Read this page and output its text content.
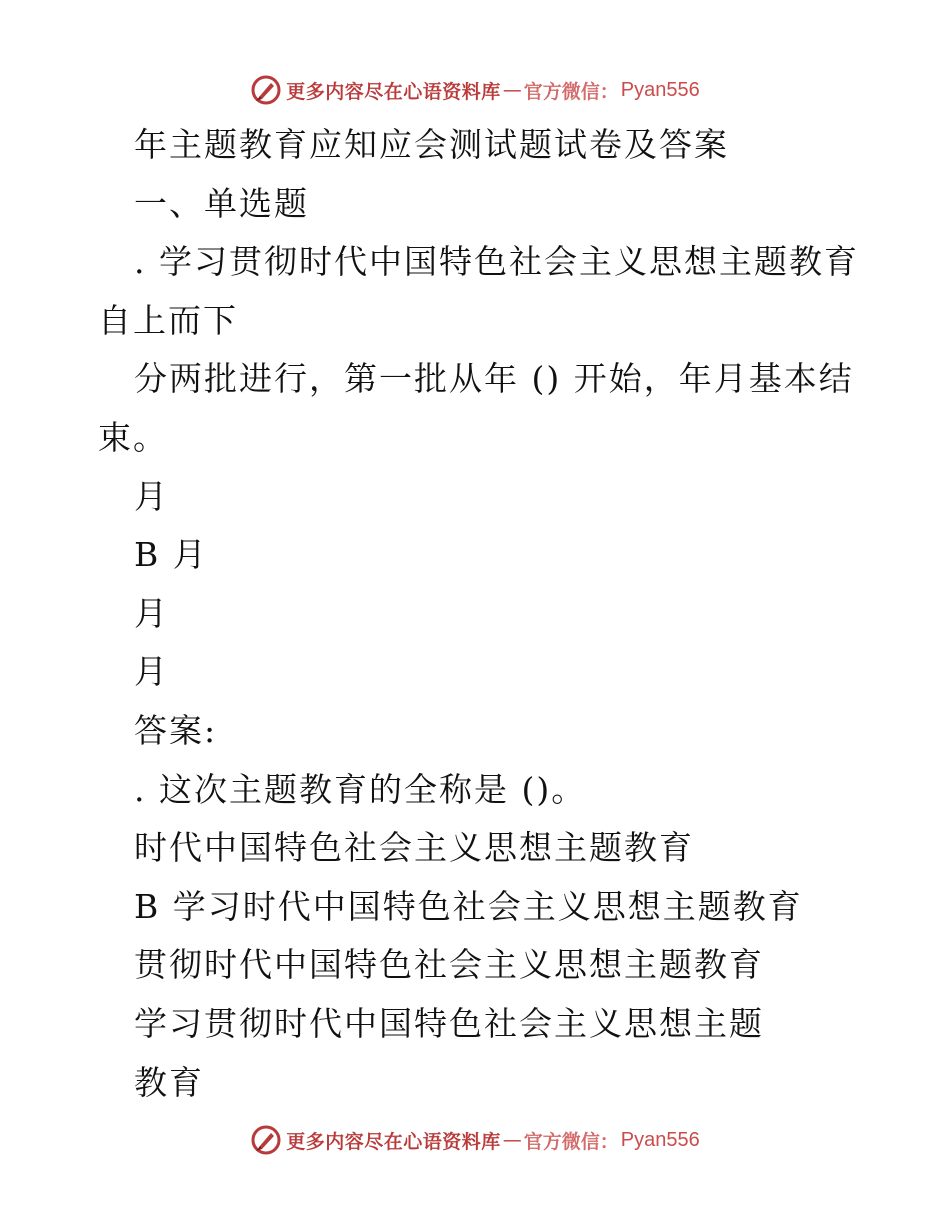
更多内容尽在心语资料库 — 官方微信： Pyan556
年主题教育应知应会测试题试卷及答案
一、单选题
. 学习贯彻时代中国特色社会主义思想主题教育
自上而下
分两批进行，第一批从年 () 开始，年月基本结
束。
月
B 月
月
月
答案:
. 这次主题教育的全称是 ()。
时代中国特色社会主义思想主题教育
B 学习时代中国特色社会主义思想主题教育
贯彻时代中国特色社会主义思想主题教育
学习贯彻时代中国特色社会主义思想主题
教育
更多内容尽在心语资料库 — 官方微信： Pyan556
